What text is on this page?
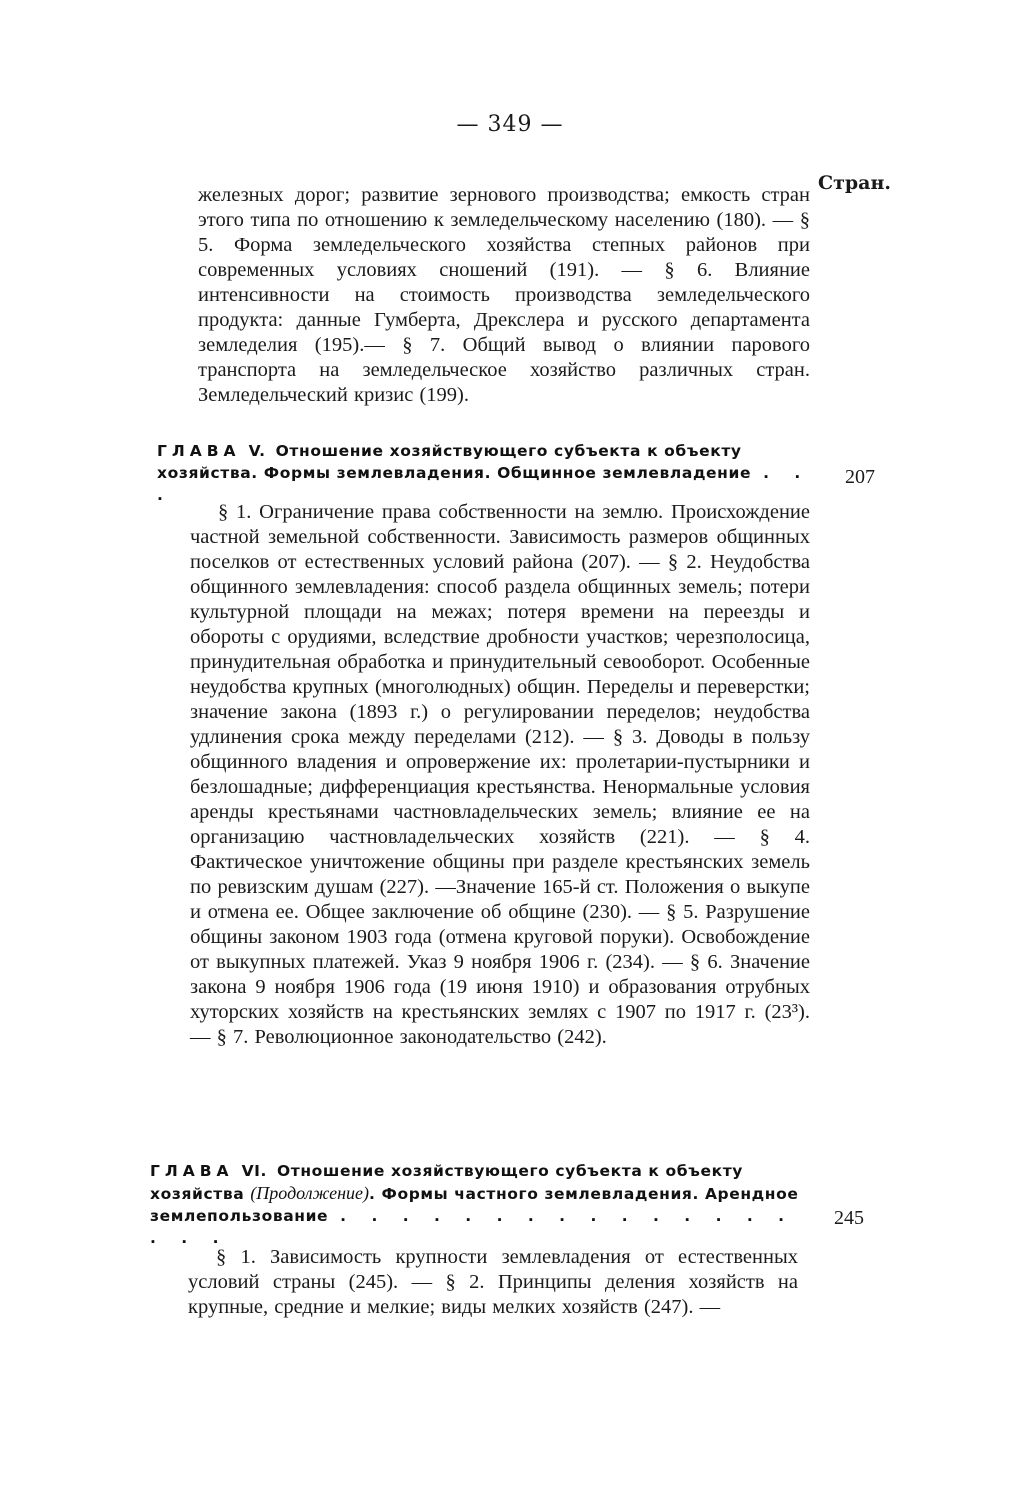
— 349 —
Стран.
железных дорог; развитие зернового производства; емкость стран этого типа по отношению к земледельческому населению (180). — § 5. Форма земледельческого хозяйства степных районов при современных условиях сношений (191). — § 6. Влияние интенсивности на стоимость производства земледельческого продукта: данные Гумберта, Дрекслера и русского департамента земледелия (195).— § 7. Общий вывод о влиянии парового транспорта на земледельческое хозяйство различных стран. Земледельческий кризис (199).
ГЛАВА V. Отношение хозяйствующего субъекта к объекту хозяйства. Формы землевладения. Общинное землевладение . . .
207
§ 1. Ограничение права собственности на землю. Происхождение частной земельной собственности. Зависимость размеров общинных поселков от естественных условий района (207). — § 2. Неудобства общинного землевладения: способ раздела общинных земель; потери культурной площади на межах; потеря времени на переезды и обороты с орудиями, вследствие дробности участков; черезполосица, принудительная обработка и принудительный севооборот. Особенные неудобства крупных (многолюдных) общин. Переделы и переверстки; значение закона (1893 г.) о регулировании переделов; неудобства удлинения срока между переделами (212). — § 3. Доводы в пользу общинного владения и опровержение их: пролетарии-пустырники и безлошадные; дифференциация крестьянства. Ненормальные условия аренды крестьянами частновладельческих земель; влияние ее на организацию частновладельческих хозяйств (221). — § 4. Фактическое уничтожение общины при разделе крестьянских земель по ревизским душам (227). —Значение 165-й ст. Положения о выкупе и отмена ее. Общее заключение об общине (230). — § 5. Разрушение общины законом 1903 года (отмена круговой поруки). Освобождение от выкупных платежей. Указ 9 ноября 1906 г. (234). — § 6. Значение закона 9 ноября 1906 года (19 июня 1910) и образования отрубных хуторских хозяйств на крестьянских землях с 1907 по 1917 г. (23³). — § 7. Революционное законодательство (242).
ГЛАВА VI. Отношение хозяйствующего субъекта к объекту хозяйства (Продолжение). Формы частного землевладения. Арендное землепользование . . . . . . . . . . . . . . . . . .
245
§ 1. Зависимость крупности землевладения от естественных условий страны (245). — § 2. Принципы деления хозяйств на крупные, средние и мелкие; виды мелких хозяйств (247). —
